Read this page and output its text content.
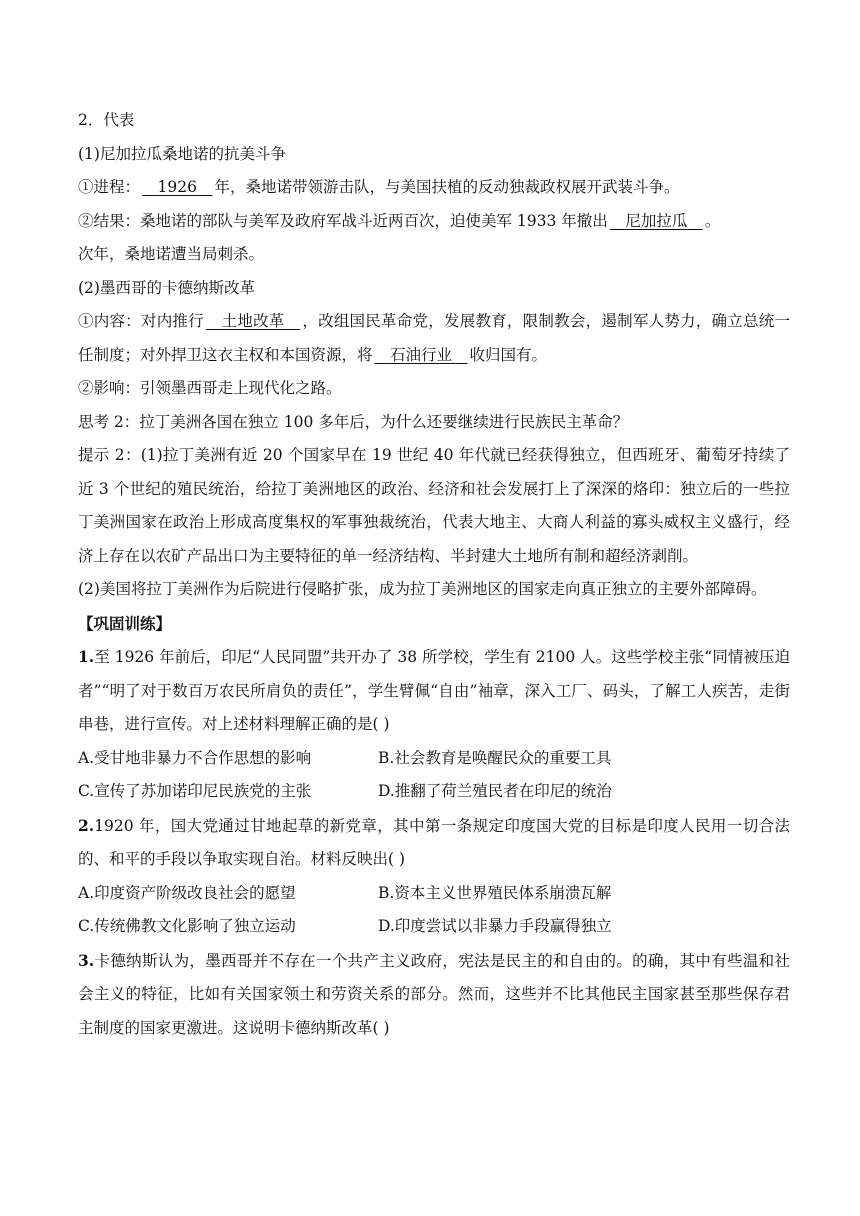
2．代表

(1)尼加拉瓜桑地诺的抗美斗争

①进程： __1926__ 年，桑地诺带领游击队，与美国扶植的反动独裁政权展开武装斗争。

②结果：桑地诺的部队与美军及政府军战斗近两百次，迫使美军 1933 年撤出 __尼加拉瓜__ 。

次年，桑地诺遭当局刺杀。

(2)墨西哥的卡德纳斯改革

①内容：对内推行 __土地改革__ ，改组国民革命党，发展教育，限制教会，遏制军人势力，确立总统一任制度；对外捍卫这衣主权和本国资源，将 __石油行业__ 收归国有。

②影响：引领墨西哥走上现代化之路。

思考 2：拉丁美洲各国在独立 100 多年后，为什么还要继续进行民族民主革命？

提示 2：(1)拉丁美洲有近 20 个国家早在 19 世纪 40 年代就已经获得独立，但西班牙、葡萄牙持续了近 3 个世纪的殖民统治，给拉丁美洲地区的政治、经济和社会发展打上了深深的烙印：独立后的一些拉丁美洲国家在政治上形成高度集权的军事独裁统治，代表大地主、大商人利益的寡头威权主义盛行，经济上存在以农矿产品出口为主要特征的单一经济结构、半封建大土地所有制和超经济剥削。

(2)美国将拉丁美洲作为后院进行侵略扩张，成为拉丁美洲地区的国家走向真正独立的主要外部障碍。

【巩固训练】

1.至 1926 年前后，印尼“人民同盟”共开办了 38 所学校，学生有 2100 人。这些学校主张“同情被压迫者”“明了对于数百万农民所肩负的责任”，学生臂佩“自由”袖章，深入工厂、码头，了解工人疾苦，走街串巷，进行宣传。对上述材料理解正确的是( )

A.受甘地非暴力不合作思想的影响	B.社会教育是唤醒民众的重要工具
C.宣传了苏加诺印尼民族党的主张	D.推翻了荷兰殖民者在印尼的统治

2.1920 年，国大党通过甘地起草的新党章，其中第一条规定印度国大党的目标是印度人民用一切合法的、和平的手段以争取实现自治。材料反映出( )

A.印度资产阶级改良社会的愿望	B.资本主义世界殖民体系崩溃瓦解
C.传统佛教文化影响了独立运动	D.印度尝试以非暴力手段赢得独立

3.卡德纳斯认为，墨西哥并不存在一个共产主义政府，宪法是民主的和自由的。的确，其中有些温和社会主义的特征，比如有关国家领土和劳资关系的部分。然而，这些并不比其他民主国家甚至那些保存君主制度的国家更激进。这说明卡德纳斯改革( )
